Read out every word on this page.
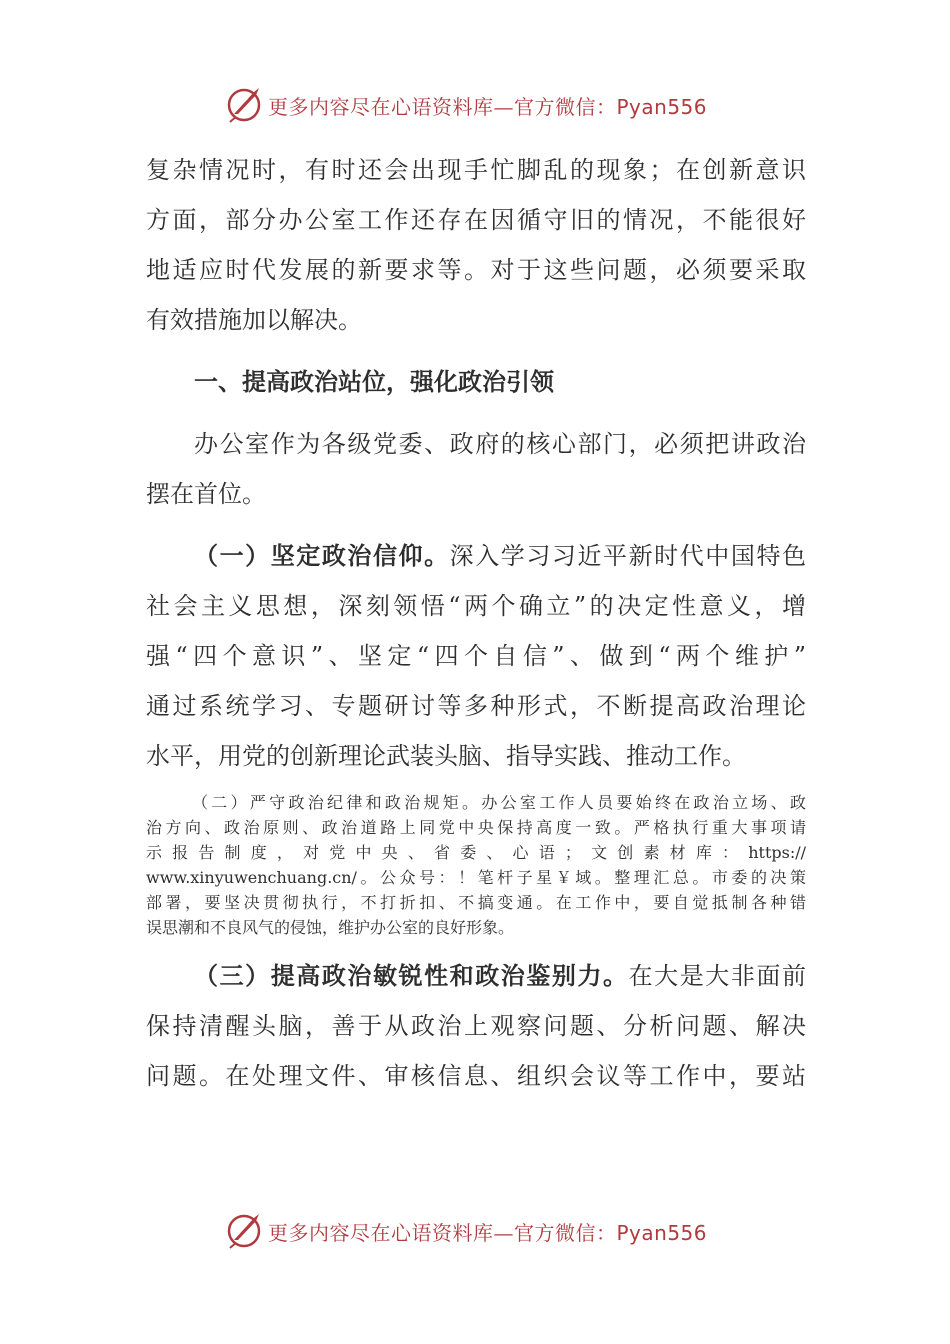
更多内容尽在心语资料库—官方微信：Pyan556
复杂情况时，有时还会出现手忙脚乱的现象；在创新意识
方面，部分办公室工作还存在因循守旧的情况，不能很好
地适应时代发展的新要求等。对于这些问题，必须要采取
有效措施加以解决。
一、提高政治站位，强化政治引领
办公室作为各级党委、政府的核心部门，必须把讲政治
摆在首位。
（一）坚定政治信仰。深入学习习近平新时代中国特色
社会主义思想，深刻领悟“两个确立”的决定性意义，增
强“四个意识”、坚定“四个自信”、做到“两个维护”
通过系统学习、专题研讨等多种形式，不断提高政治理论
水平，用党的创新理论武装头脑、指导实践、推动工作。
（二）严守政治纪律和政治规矩。办公室工作人员要始终在政治立场、政
治方向、政治原则、政治道路上同党中央保持高度一致。严格执行重大事项请
示报告制度，对党中央、省委、心语；文创素材库：https://
www.xinyuwenchuang.cn/。公众号：！笔杆子星￥域。整理汇总。市委的决策
部署，要坚决贯彻执行，不打折扣、不搞变通。在工作中，要自觉抵制各种错
误思潮和不良风气的侵蚀，维护办公室的良好形象。
（三）提高政治敏锐性和政治鉴别力。在大是大非面前
保持清醒头脑，善于从政治上观察问题、分析问题、解决
问题。在处理文件、审核信息、组织会议等工作中，要站
更多内容尽在心语资料库—官方微信：Pyan556
